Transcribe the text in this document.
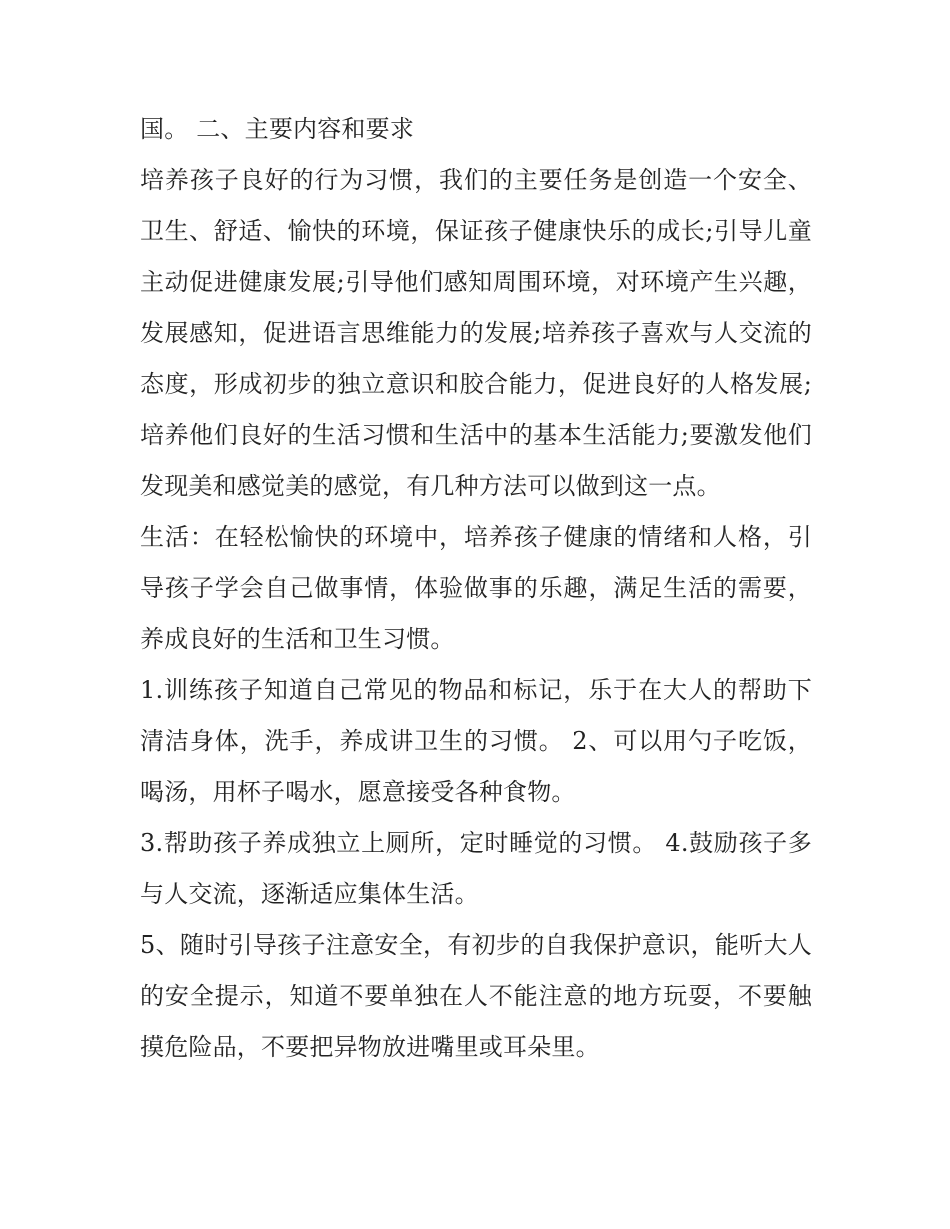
国。 二、主要内容和要求

培养孩子良好的行为习惯，我们的主要任务是创造一个安全、卫生、舒适、愉快的环境，保证孩子健康快乐的成长;引导儿童主动促进健康发展;引导他们感知周围环境，对环境产生兴趣，发展感知，促进语言思维能力的发展;培养孩子喜欢与人交流的态度，形成初步的独立意识和胶合能力，促进良好的人格发展;培养他们良好的生活习惯和生活中的基本生活能力;要激发他们发现美和感觉美的感觉，有几种方法可以做到这一点。

生活：在轻松愉快的环境中，培养孩子健康的情绪和人格，引导孩子学会自己做事情，体验做事的乐趣，满足生活的需要，养成良好的生活和卫生习惯。

1.训练孩子知道自己常见的物品和标记，乐于在大人的帮助下清洁身体，洗手，养成讲卫生的习惯。 2、可以用勺子吃饭，喝汤，用杯子喝水，愿意接受各种食物。

3.帮助孩子养成独立上厕所，定时睡觉的习惯。 4.鼓励孩子多与人交流，逐渐适应集体生活。

5、随时引导孩子注意安全，有初步的自我保护意识，能听大人的安全提示，知道不要单独在人不能注意的地方玩耍，不要触摸危险品，不要把异物放进嘴里或耳朵里。
